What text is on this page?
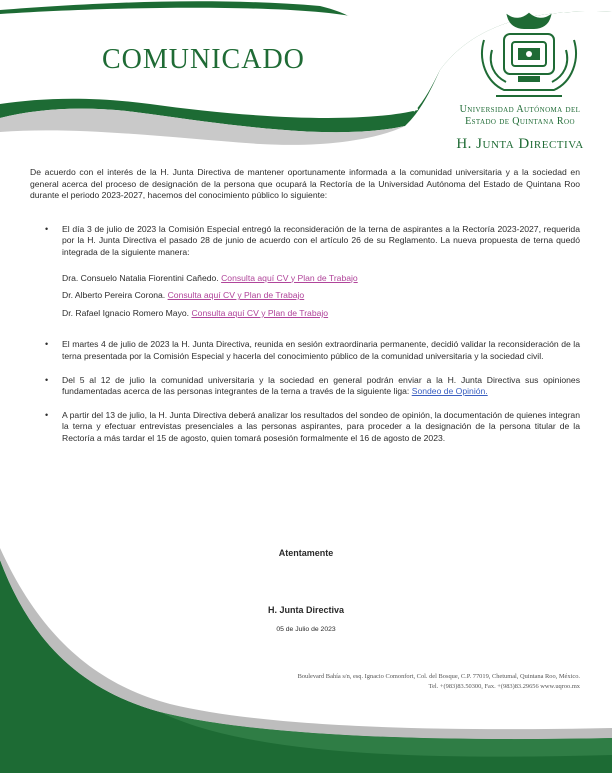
COMUNICADO
Universidad Autónoma del
Estado de Quintana Roo
H. Junta Directiva

De acuerdo con el interés de la H. Junta Directiva de mantener oportunamente informada a la comunidad universitaria y a la sociedad en general acerca del proceso de designación de la persona que ocupará la Rectoría de la Universidad Autónoma del Estado de Quintana Roo durante el periodo 2023-2027, hacemos del conocimiento público lo siguiente:

• El día 3 de julio de 2023 la Comisión Especial entregó la reconsideración de la terna de aspirantes a la Rectoría 2023-2027, requerida por la H. Junta Directiva el pasado 28 de junio de acuerdo con el artículo 26 de su Reglamento. La nueva propuesta de terna quedó integrada de la siguiente manera:
Dra. Consuelo Natalia Fiorentini Cañedo. Consulta aquí CV y Plan de Trabajo
Dr. Alberto Pereira Corona. Consulta aquí CV y Plan de Trabajo
Dr. Rafael Ignacio Romero Mayo. Consulta aquí CV y Plan de Trabajo
• El martes 4 de julio de 2023 la H. Junta Directiva, reunida en sesión extraordinaria permanente, decidió validar la reconsideración de la terna presentada por la Comisión Especial y hacerla del conocimiento público de la comunidad universitaria y la sociedad civil.
• Del 5 al 12 de julio la comunidad universitaria y la sociedad en general podrán enviar a la H. Junta Directiva sus opiniones fundamentadas acerca de las personas integrantes de la terna a través de la siguiente liga: Sondeo de Opinión.
• A partir del 13 de julio, la H. Junta Directiva deberá analizar los resultados del sondeo de opinión, la documentación de quienes integran la terna y efectuar entrevistas presenciales a las personas aspirantes, para proceder a la designación de la persona titular de la Rectoría a más tardar el 15 de agosto, quien tomará posesión formalmente el 16 de agosto de 2023.
Atentamente
H. Junta Directiva
05 de Julio de 2023
Boulevard Bahía s/n, esq. Ignacio Comonfort, Col. del Bosque, C.P. 77019, Chetumal, Quintana Roo, México.
Tel. +(983)83.50300, Fax. +(983)83.29656 www.uqroo.mx
